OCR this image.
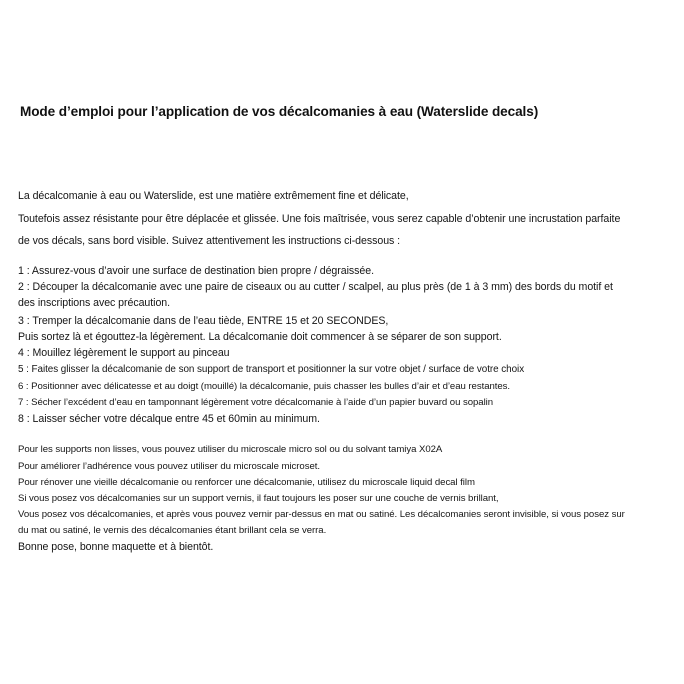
Mode d’emploi pour l’application de vos décalcomanies à eau (Waterslide decals)
La décalcomanie à eau ou Waterslide, est une matière extrêmement fine et délicate,
Toutefois assez résistante pour être déplacée et glissée. Une fois maîtrisée, vous serez capable d’obtenir une incrustation parfaite
de vos décals, sans bord visible. Suivez attentivement les instructions ci-dessous :
1 : Assurez-vous d’avoir une surface de destination bien propre / dégraissée.
2 : Découper la décalcomanie avec une paire de ciseaux ou au cutter / scalpel, au plus près (de 1 à 3 mm) des bords du motif et
des inscriptions avec précaution.
3 : Tremper la décalcomanie dans de l’eau tiède, ENTRE 15 et 20 SECONDES,
Puis sortez là et égouttez-la légèrement. La décalcomanie doit commencer à se séparer de son support.
4 : Mouillez légèrement le support au pinceau
5 : Faites glisser la décalcomanie de son support de transport et positionner la sur votre objet / surface de votre choix
6 : Positionner avec délicatesse et au doigt (mouillé) la décalcomanie, puis chasser les bulles d’air et d’eau restantes.
7 : Sécher l’excédent d’eau en tamponnant légèrement votre décalcomanie à l’aide d’un papier buvard ou sopalin
8 : Laisser sécher votre décalque entre 45 et 60min au minimum.
Pour les supports non lisses, vous pouvez utiliser du microscale micro sol ou du solvant tamiya X02A
Pour améliorer l’adhérence vous pouvez utiliser du microscale microset.
Pour rénover une vieille décalcomanie ou renforcer une décalcomanie, utilisez du microscale liquid decal film
Si vous posez vos décalcomanies sur un support vernis, il faut toujours les poser sur une couche de vernis brillant,
Vous posez vos décalcomanies, et après vous pouvez vernir par-dessus en mat ou satiné. Les décalcomanies seront invisible, si vous posez sur
du mat ou satiné, le vernis des décalcomanies étant brillant cela se verra.
Bonne pose, bonne maquette et à bientôt.
